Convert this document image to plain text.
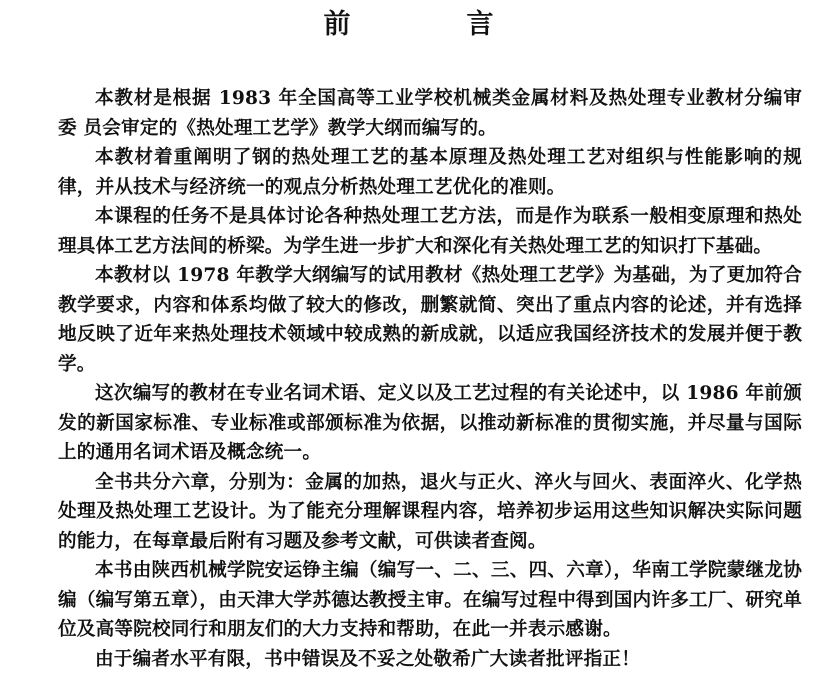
前          言

本教材是根据 1983 年全国高等工业学校机械类金属材料及热处理专业教材分编审 委 员会审定的《热处理工艺学》教学大纲而编写的。

本教材着重阐明了钢的热处理工艺的基本原理及热处理工艺对组织与性能影响的规律，并从技术与经济统一的观点分析热处理工艺优化的准则。

本课程的任务不是具体讨论各种热处理工艺方法，而是作为联系一般相变原理和热处理具体工艺方法间的桥梁。为学生进一步扩大和深化有关热处理工艺的知识打下基础。

本教材以 1978 年教学大纲编写的试用教材《热处理工艺学》为基础，为了更加符合教学要求，内容和体系均做了较大的修改，删繁就简、突出了重点内容的论述，并有选择地反映了近年来热处理技术领域中较成熟的新成就，以适应我国经济技术的发展并便于教学。

这次编写的教材在专业名词术语、定义以及工艺过程的有关论述中，以 1986 年前颁发的新国家标准、专业标准或部颁标准为依据，以推动新标准的贯彻实施，并尽量与国际上的通用名词术语及概念统一。

全书共分六章，分别为：金属的加热，退火与正火、淬火与回火、表面淬火、化学热处理及热处理工艺设计。为了能充分理解课程内容，培养初步运用这些知识解决实际问题的能力，在每章最后附有习题及参考文献，可供读者查阅。

本书由陕西机械学院安运铮主编（编写一、二、三、四、六章），华南工学院蒙继龙协编（编写第五章），由天津大学苏德达教授主审。在编写过程中得到国内许多工厂、研究单位及高等院校同行和朋友们的大力支持和帮助，在此一并表示感谢。

由于编者水平有限，书中错误及不妥之处敬希广大读者批评指正！
